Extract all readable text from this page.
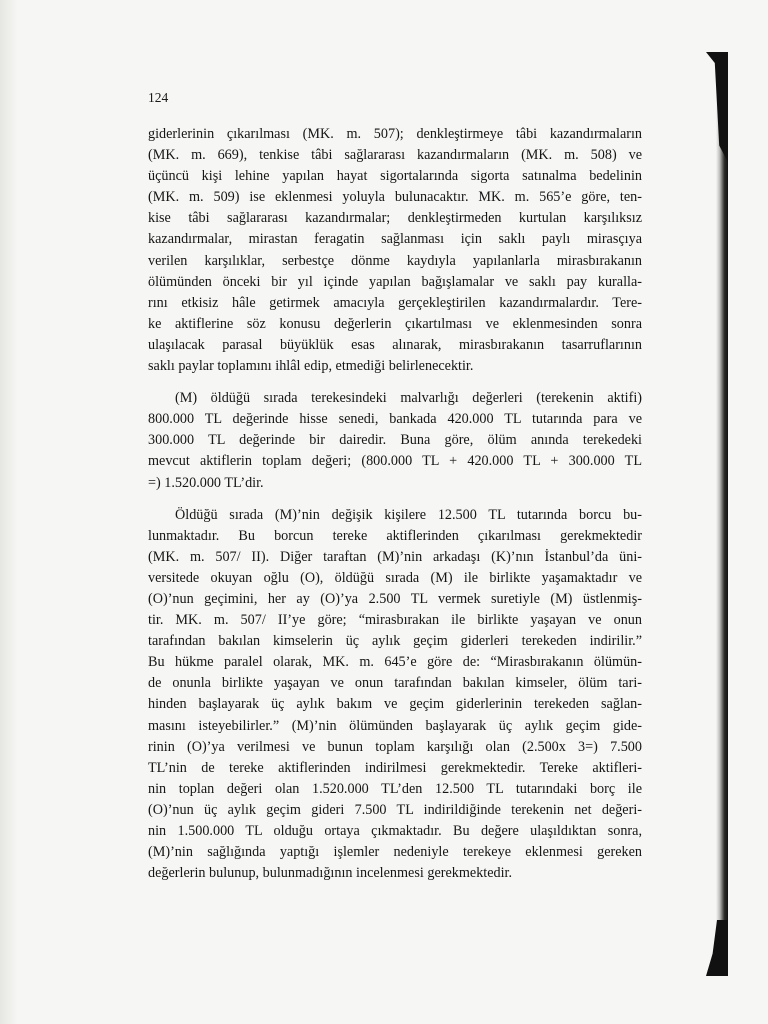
124
giderlerinin çıkarılması (MK. m. 507); denkleştirmeye tâbi kazandırmaların
(MK. m. 669), tenkise tâbi sağlararası kazandırmaların (MK. m. 508) ve
üçüncü kişi lehine yapılan hayat sigortalarında sigorta satınalma bedelinin
(MK. m. 509) ise eklenmesi yoluyla bulunacaktır. MK. m. 565’e göre, ten-
kise tâbi sağlararası kazandırmalar; denkleştirmeden kurtulan karşılıksız
kazandırmalar, mirastan feragatin sağlanması için saklı paylı mirasçıya
verilen karşılıklar, serbestçe dönme kaydıyla yapılanlarla mirasbırakanın
ölümünden önceki bir yıl içinde yapılan bağışlamalar ve saklı pay kuralla-
rını etkisiz hâle getirmek amacıyla gerçekleştirilen kazandırmalardır. Tere-
ke aktiflerine söz konusu değerlerin çıkartılması ve eklenmesinden sonra
ulaşılacak parasal büyüklük esas alınarak, mirasbırakanın tasarruflarının
saklı paylar toplamını ihlâl edip, etmediği belirlenecektir.
(M) öldüğü sırada terekesindeki malvarlığı değerleri (terekenin aktifi)
800.000 TL değerinde hisse senedi, bankada 420.000 TL tutarında para ve
300.000 TL değerinde bir dairedir. Buna göre, ölüm anında terekedeki
mevcut aktiflerin toplam değeri; (800.000 TL + 420.000 TL + 300.000 TL
=) 1.520.000 TL’dir.
Öldüğü sırada (M)’nin değişik kişilere 12.500 TL tutarında borcu bu-
lunmaktadır. Bu borcun tereke aktiflerinden çıkarılması gerekmektedir
(MK. m. 507/ II). Diğer taraftan (M)’nin arkadaşı (K)’nın İstanbul’da üni-
versitede okuyan oğlu (O), öldüğü sırada (M) ile birlikte yaşamaktadır ve
(O)’nun geçimini, her ay (O)’ya 2.500 TL vermek suretiyle (M) üstlenmiş-
tir. MK. m. 507/ II’ye göre; “mirasbırakan ile birlikte yaşayan ve onun
tarafından bakılan kimselerin üç aylık geçim giderleri terekeden indirilir.”
Bu hükme paralel olarak, MK. m. 645’e göre de: “Mirasbırakanın ölümün-
de onunla birlikte yaşayan ve onun tarafından bakılan kimseler, ölüm tari-
hinden başlayarak üç aylık bakım ve geçim giderlerinin terekeden sağlan-
masını isteyebilirler.” (M)’nin ölümünden başlayarak üç aylık geçim gide-
rinin (O)’ya verilmesi ve bunun toplam karşılığı olan (2.500x 3=) 7.500
TL’nin de tereke aktiflerinden indirilmesi gerekmektedir. Tereke aktifleri-
nin toplan değeri olan 1.520.000 TL’den 12.500 TL tutarındaki borç ile
(O)’nun üç aylık geçim gideri 7.500 TL indirildiğinde terekenin net değeri-
nin 1.500.000 TL olduğu ortaya çıkmaktadır. Bu değere ulaşıldıktan sonra,
(M)’nin sağlığında yaptığı işlemler nedeniyle terekeye eklenmesi gereken
değerlerin bulunup, bulunmadığının incelenmesi gerekmektedir.
